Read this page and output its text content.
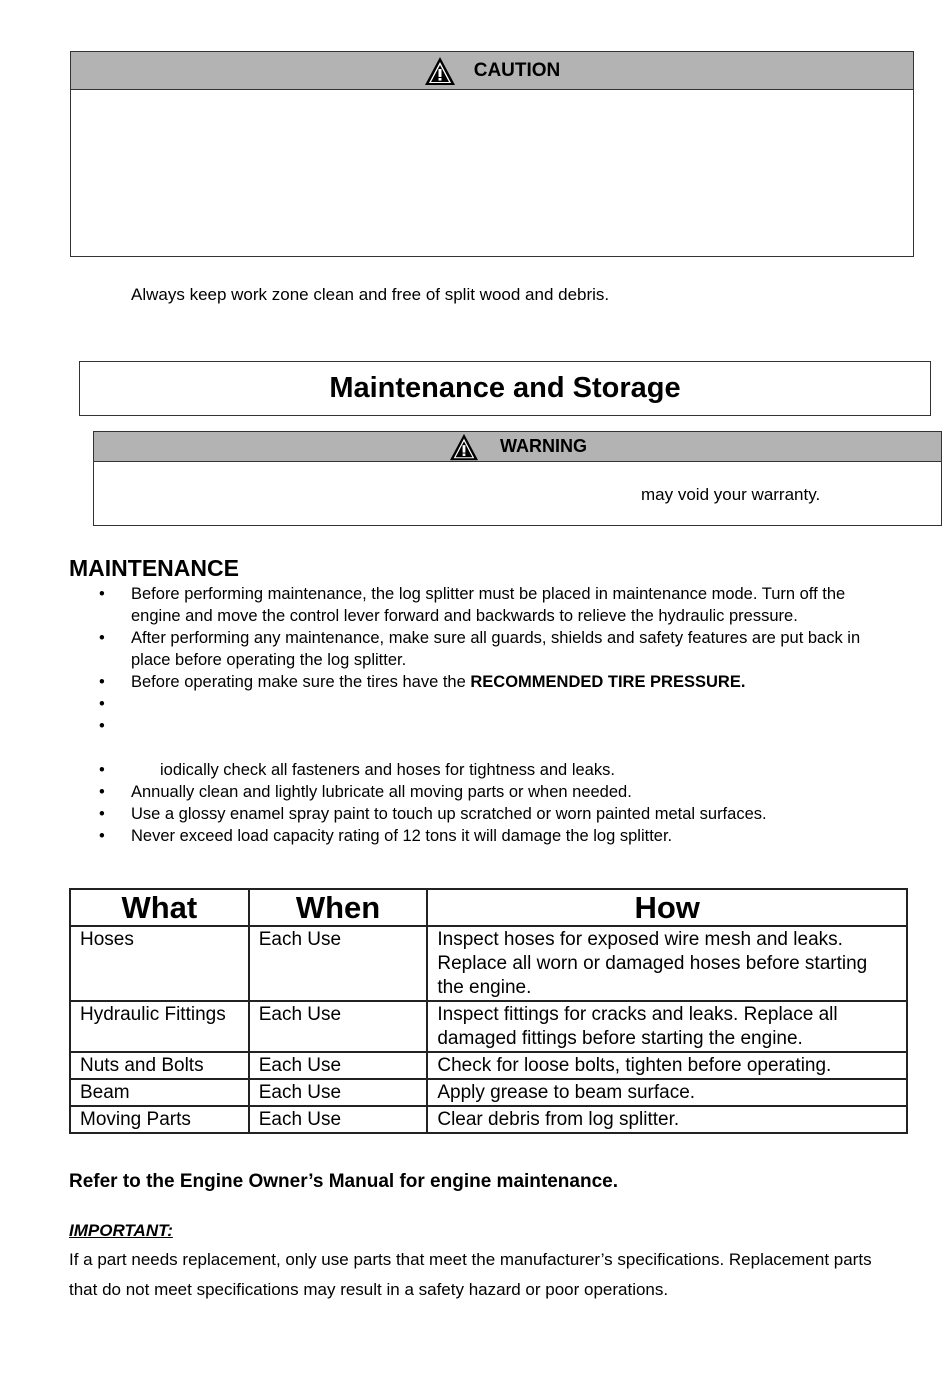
CAUTION
Always keep work zone clean and free of split wood and debris.
Maintenance and Storage
WARNING
may void your warranty.
MAINTENANCE
• Before performing maintenance, the log splitter must be placed in maintenance mode. Turn off the engine and move the control lever forward and backwards to relieve the hydraulic pressure.
• After performing any maintenance, make sure all guards, shields and safety features are put back in place before operating the log splitter.
• Before operating make sure the tires have the RECOMMENDED TIRE PRESSURE.
•
•
•	iodically check all fasteners and hoses for tightness and leaks.
• Annually clean and lightly lubricate all moving parts or when needed.
• Use a glossy enamel spray paint to touch up scratched or worn painted metal surfaces.
• Never exceed load capacity rating of 12 tons it will damage the log splitter.
What	When	How
Hoses	Each Use	Inspect hoses for exposed wire mesh and leaks. Replace all worn or damaged hoses before starting the engine.
Hydraulic Fittings	Each Use	Inspect fittings for cracks and leaks. Replace all damaged fittings before starting the engine.
Nuts and Bolts	Each Use	Check for loose bolts, tighten before operating.
Beam	Each Use	Apply grease to beam surface.
Moving Parts	Each Use	Clear debris from log splitter.
Refer to the Engine Owner’s Manual for engine maintenance.
IMPORTANT:
If a part needs replacement, only use parts that meet the manufacturer’s specifications. Replacement parts that do not meet specifications may result in a safety hazard or poor operations.
